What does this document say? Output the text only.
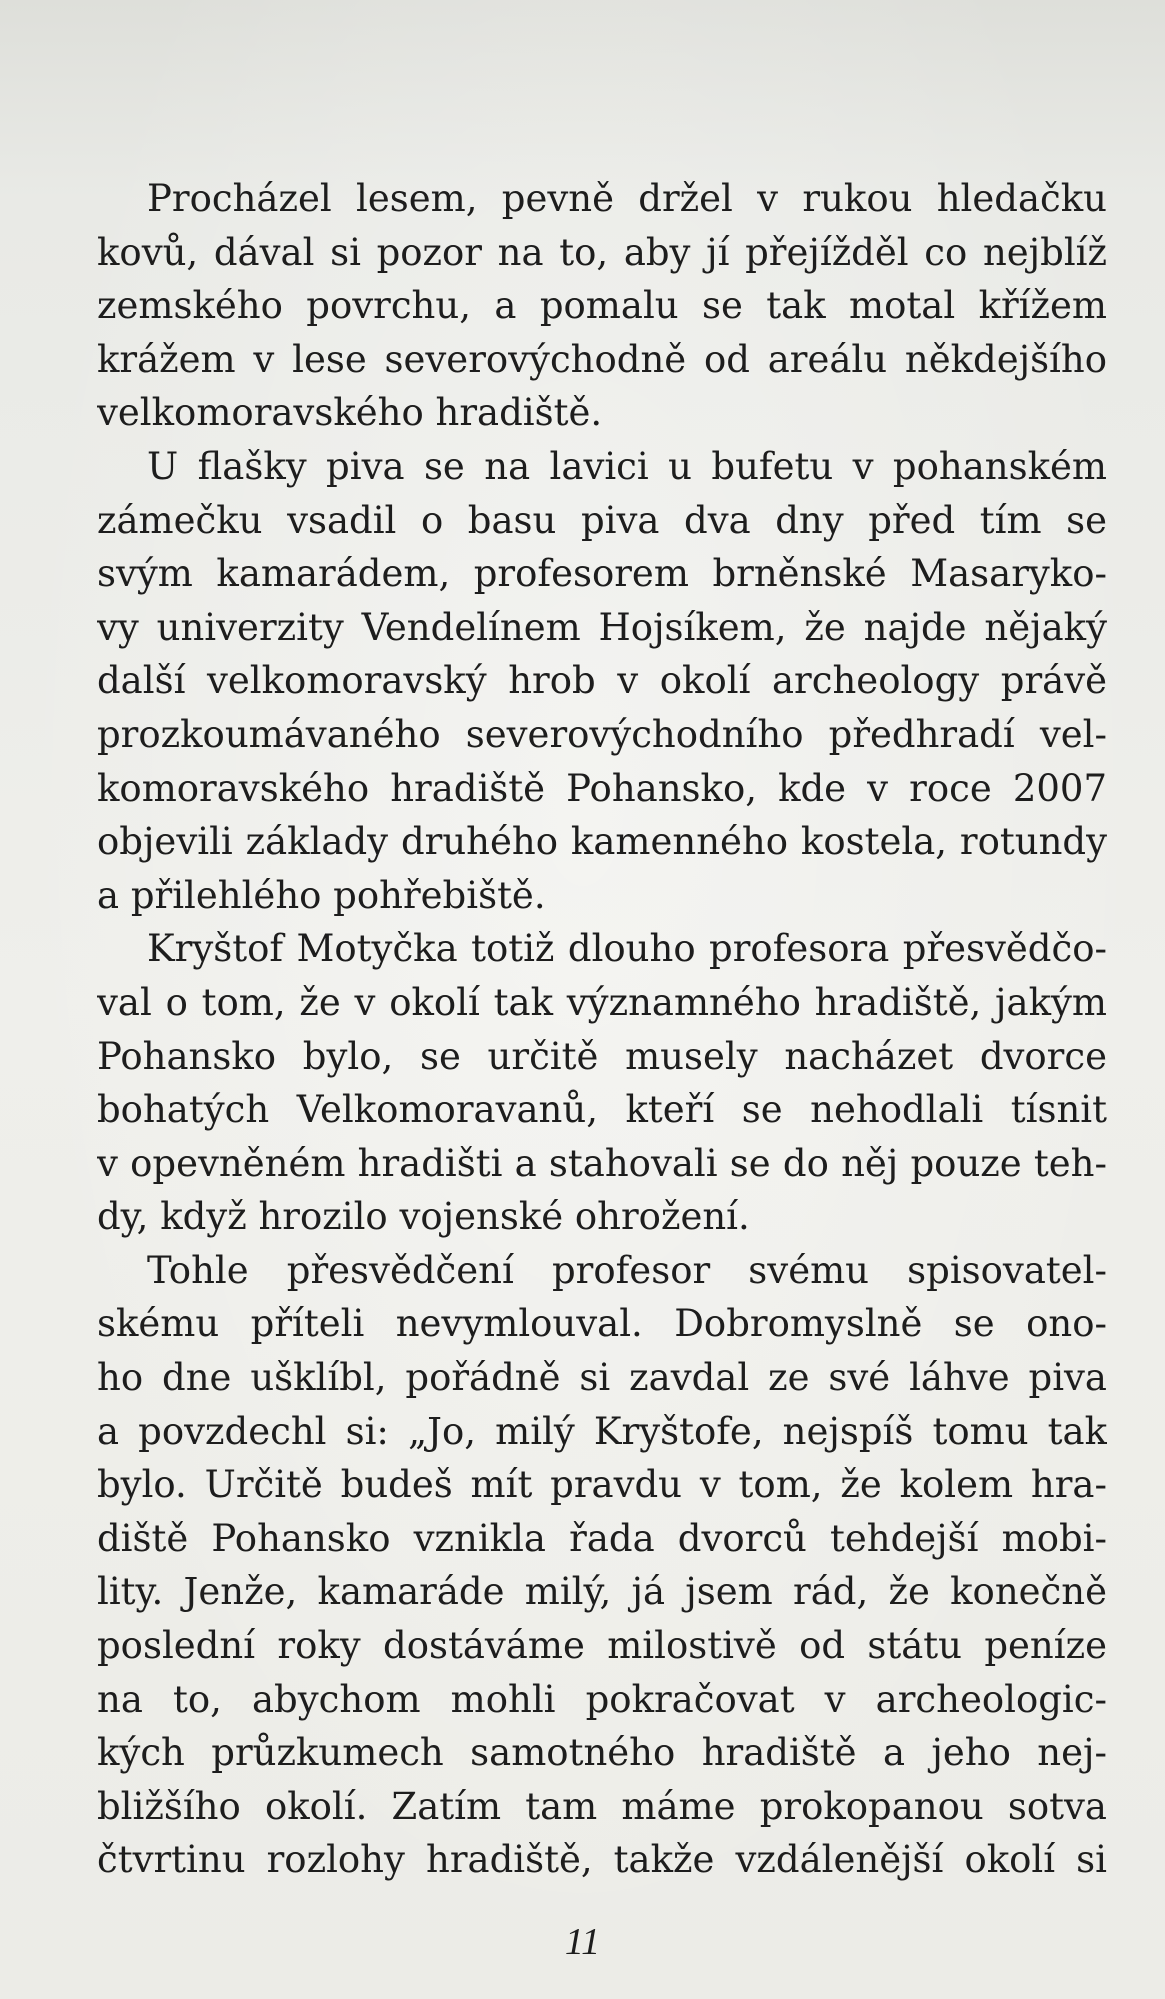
Procházel lesem, pevně držel v rukou hledačku
kovů, dával si pozor na to, aby jí přejížděl co nejblíž
zemského povrchu, a pomalu se tak motal křížem
krážem v lese severovýchodně od areálu někdejšího
velkomoravského hradiště.
U flašky piva se na lavici u bufetu v pohanském
zámečku vsadil o basu piva dva dny před tím se
svým kamarádem, profesorem brněnské Masaryko-
vy univerzity Vendelínem Hojsíkem, že najde nějaký
další velkomoravský hrob v okolí archeology právě
prozkoumávaného severovýchodního předhradí vel-
komoravského hradiště Pohansko, kde v roce 2007
objevili základy druhého kamenného kostela, rotundy
a přilehlého pohřebiště.
Kryštof Motyčka totiž dlouho profesora přesvědčo-
val o tom, že v okolí tak významného hradiště, jakým
Pohansko bylo, se určitě musely nacházet dvorce
bohatých Velkomoravanů, kteří se nehodlali tísnit
v opevněném hradišti a stahovali se do něj pouze teh-
dy, když hrozilo vojenské ohrožení.
Tohle přesvědčení profesor svému spisovatel-
skému příteli nevymlouval. Dobromyslně se ono-
ho dne ušklíbl, pořádně si zavdal ze své láhve piva
a povzdechl si: „Jo, milý Kryštofe, nejspíš tomu tak
bylo. Určitě budeš mít pravdu v tom, že kolem hra-
diště Pohansko vznikla řada dvorců tehdejší mobi-
lity. Jenže, kamaráde milý, já jsem rád, že konečně
poslední roky dostáváme milostivě od státu peníze
na to, abychom mohli pokračovat v archeologic-
kých průzkumech samotného hradiště a jeho nej-
bližšího okolí. Zatím tam máme prokopanou sotva
čtvrtinu rozlohy hradiště, takže vzdálenější okolí si
11
